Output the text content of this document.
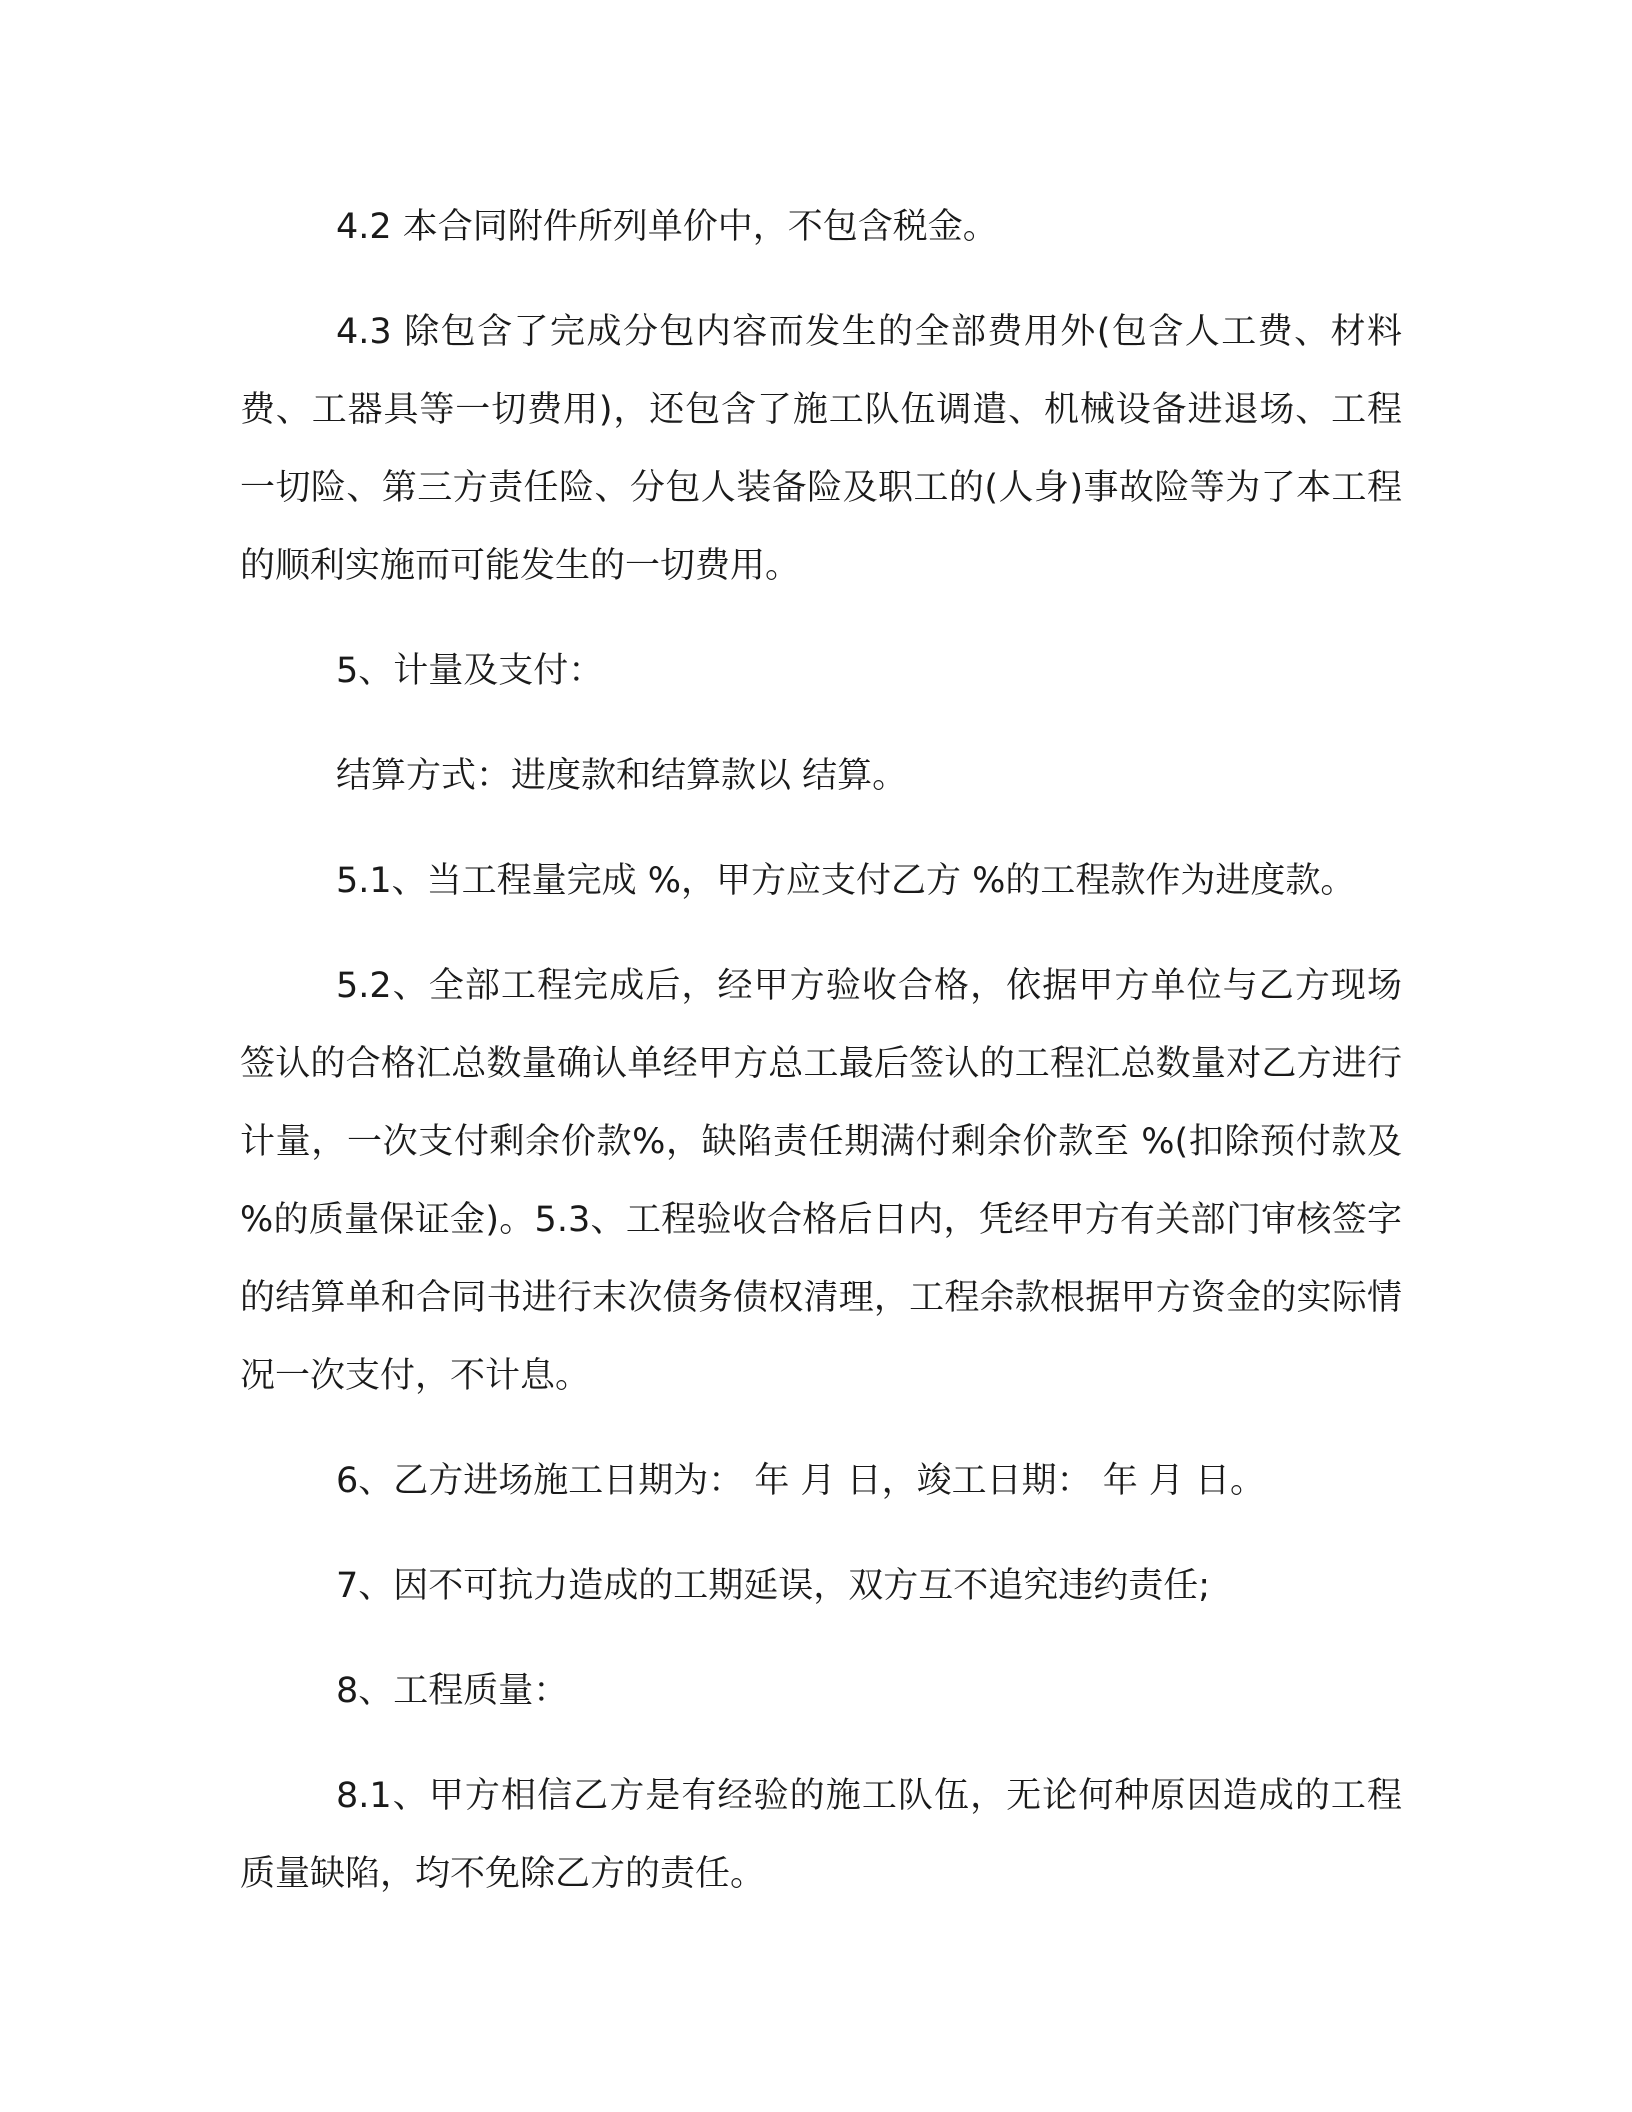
4.2 本合同附件所列单价中，不包含税金。

4.3 除包含了完成分包内容而发生的全部费用外(包含人工费、材料费、工器具等一切费用)，还包含了施工队伍调遣、机械设备进退场、工程一切险、第三方责任险、分包人装备险及职工的(人身)事故险等为了本工程的顺利实施而可能发生的一切费用。

5、计量及支付：

结算方式：进度款和结算款以 结算。

5.1、当工程量完成 %，甲方应支付乙方 %的工程款作为进度款。

5.2、全部工程完成后，经甲方验收合格，依据甲方单位与乙方现场签认的合格汇总数量确认单经甲方总工最后签认的工程汇总数量对乙方进行计量，一次支付剩余价款%，缺陷责任期满付剩余价款至 %(扣除预付款及 %的质量保证金)。5.3、工程验收合格后日内，凭经甲方有关部门审核签字的结算单和合同书进行末次债务债权清理，工程余款根据甲方资金的实际情况一次支付，不计息。

6、乙方进场施工日期为： 年 月 日，竣工日期： 年 月 日。

7、因不可抗力造成的工期延误，双方互不追究违约责任;

8、工程质量：

8.1、甲方相信乙方是有经验的施工队伍，无论何种原因造成的工程质量缺陷，均不免除乙方的责任。
